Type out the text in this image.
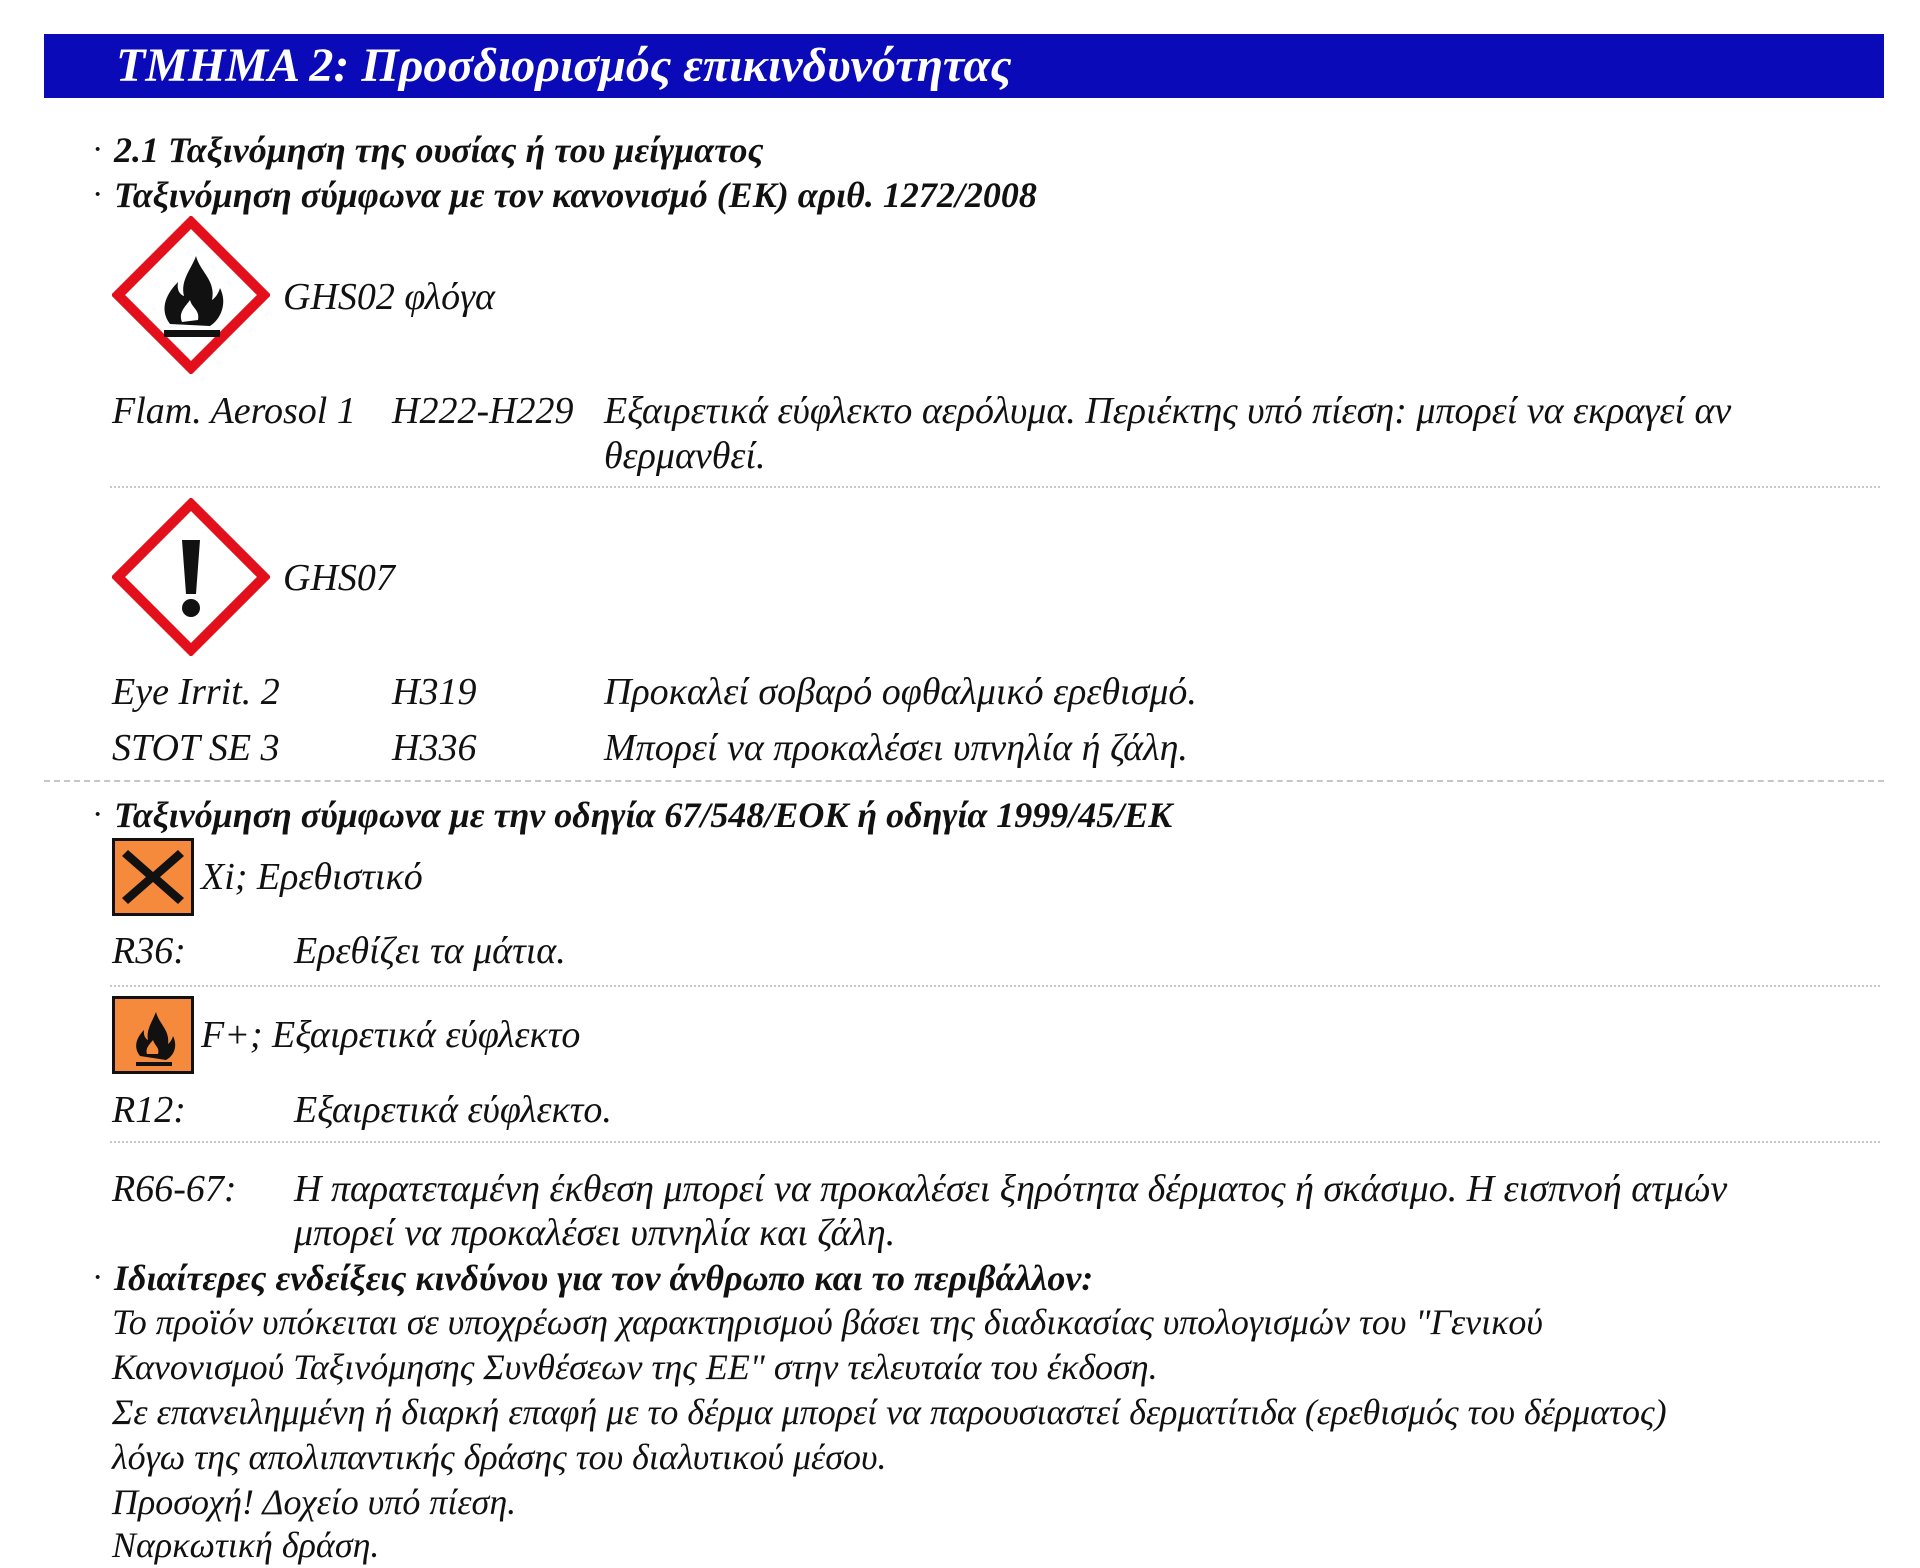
ΤΜΗΜΑ 2: Προσδιορισμός επικινδυνότητας
· 2.1 Ταξινόμηση της ουσίας ή του μείγματος
· Ταξινόμηση σύμφωνα με τον κανονισμό (ΕΚ) αριθ. 1272/2008
GHS02 φλόγα
Flam. Aerosol 1 H222-H229 Εξαιρετικά εύφλεκτο αερόλυμα. Περιέκτης υπό πίεση: μπορεί να εκραγεί αν
θερμανθεί.
GHS07
Eye Irrit. 2	H319	Προκαλεί σοβαρό οφθαλμικό ερεθισμό.
STOT SE 3	H336	Μπορεί να προκαλέσει υπνηλία ή ζάλη.
· Ταξινόμηση σύμφωνα με την οδηγία 67/548/ΕΟΚ ή οδηγία 1999/45/ΕΚ
Xi; Ερεθιστικό
R36:	Ερεθίζει τα μάτια.
F+; Εξαιρετικά εύφλεκτο
R12:	Εξαιρετικά εύφλεκτο.
R66-67: Η παρατεταμένη έκθεση μπορεί να προκαλέσει ξηρότητα δέρματος ή σκάσιμο. Η εισπνοή ατμών
μπορεί να προκαλέσει υπνηλία και ζάλη.
· Ιδιαίτερες ενδείξεις κινδύνου για τον άνθρωπο και το περιβάλλον:
Το προϊόν υπόκειται σε υποχρέωση χαρακτηρισμού βάσει της διαδικασίας υπολογισμών του "Γενικού
Κανονισμού Ταξινόμησης Συνθέσεων της ΕΕ" στην τελευταία του έκδοση.
Σε επανειλημμένη ή διαρκή επαφή με το δέρμα μπορεί να παρουσιαστεί δερματίτιδα (ερεθισμός του δέρματος)
λόγω της απολιπαντικής δράσης του διαλυτικού μέσου.
Προσοχή! Δοχείο υπό πίεση.
Ναρκωτική δράση.
